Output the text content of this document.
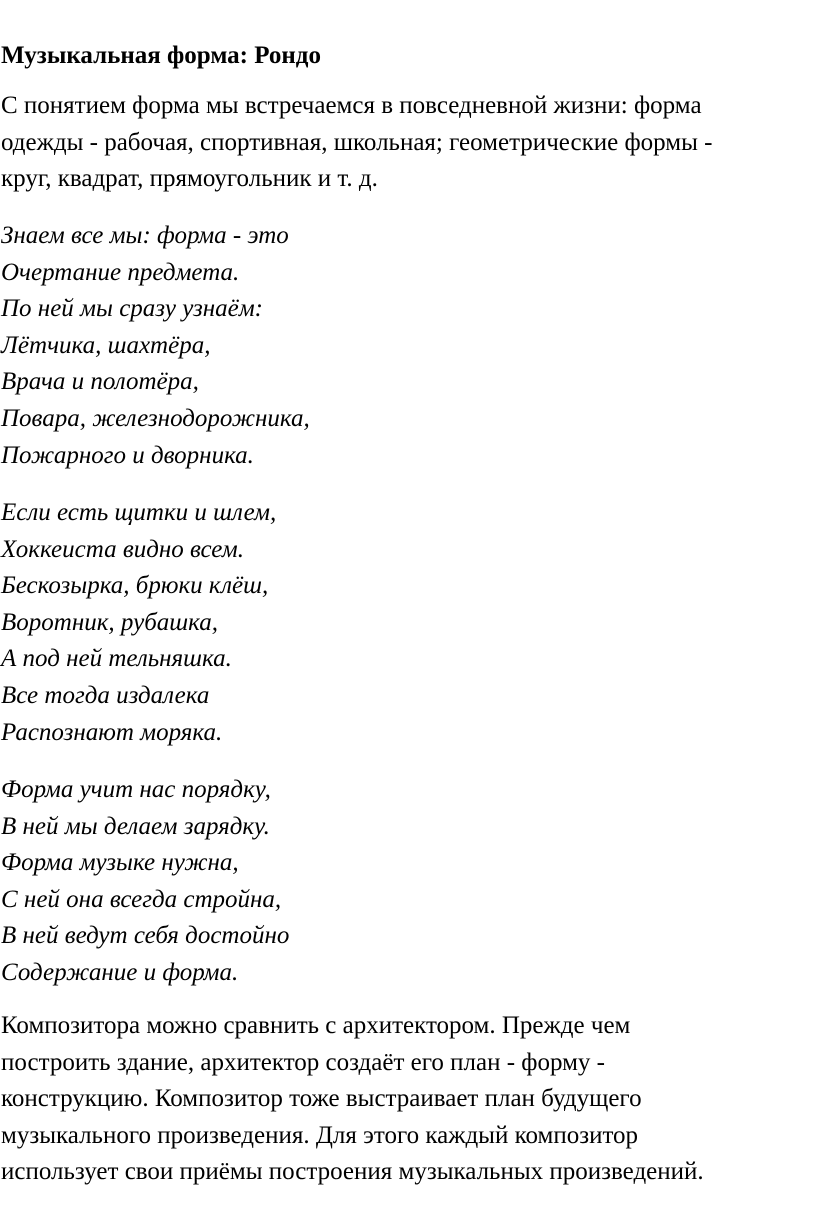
Музыкальная форма: Рондо

С понятием форма мы встречаемся в повседневной жизни: форма
одежды - рабочая, спортивная, школьная; геометрические формы -
круг, квадрат, прямоугольник и т. д.

Знаем все мы: форма - это
Очертание предмета.
По ней мы сразу узнаём:
Лётчика, шахтёра,
Врача и полотёра,
Повара, железнодорожника,
Пожарного и дворника.

Если есть щитки и шлем,
Хоккеиста видно всем.
Бескозырка, брюки клёш,
Воротник, рубашка,
А под ней тельняшка.
Все тогда издалека
Распознают моряка.

Форма учит нас порядку,
В ней мы делаем зарядку.
Форма музыке нужна,
С ней она всегда стройна,
В ней ведут себя достойно
Содержание и форма.

Композитора можно сравнить с архитектором. Прежде чем
построить здание, архитектор создаёт его план - форму -
конструкцию. Композитор тоже выстраивает план будущего
музыкального произведения. Для этого каждый композитор
использует свои приёмы построения музыкальных произведений.
